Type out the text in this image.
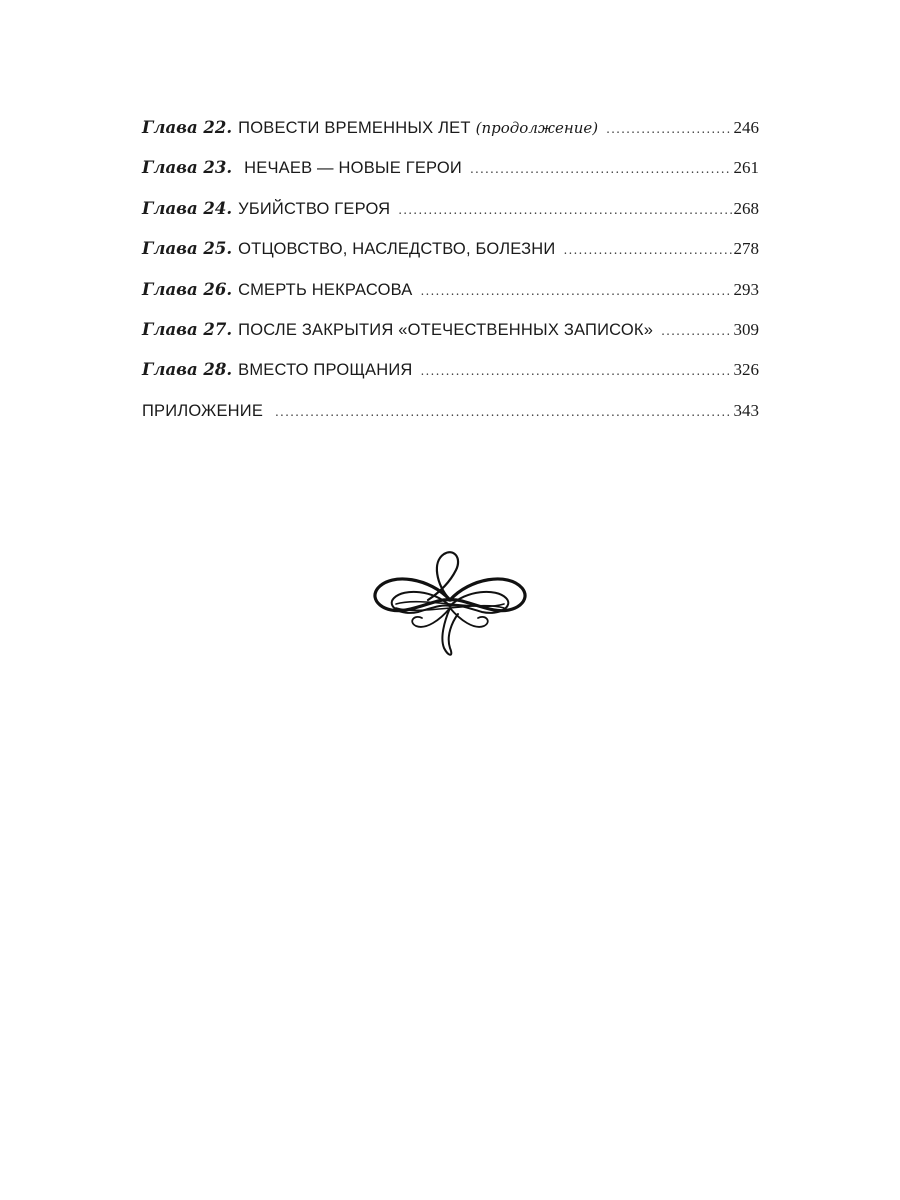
Глава 22. ПОВЕСТИ ВРЕМЕННЫХ ЛЕТ (продолжение) .....	246
Глава 23. НЕЧАЕВ — НОВЫЕ ГЕРОИ .....	261
Глава 24. УБИЙСТВО ГЕРОЯ .....	268
Глава 25. ОТЦОВСТВО, НАСЛЕДСТВО, БОЛЕЗНИ .....	278
Глава 26. СМЕРТЬ НЕКРАСОВА .....	293
Глава 27. ПОСЛЕ ЗАКРЫТИЯ «ОТЕЧЕСТВЕННЫХ ЗАПИСОК» .....	309
Глава 28. ВМЕСТО ПРОЩАНИЯ .....	326
ПРИЛОЖЕНИЕ .....	343
